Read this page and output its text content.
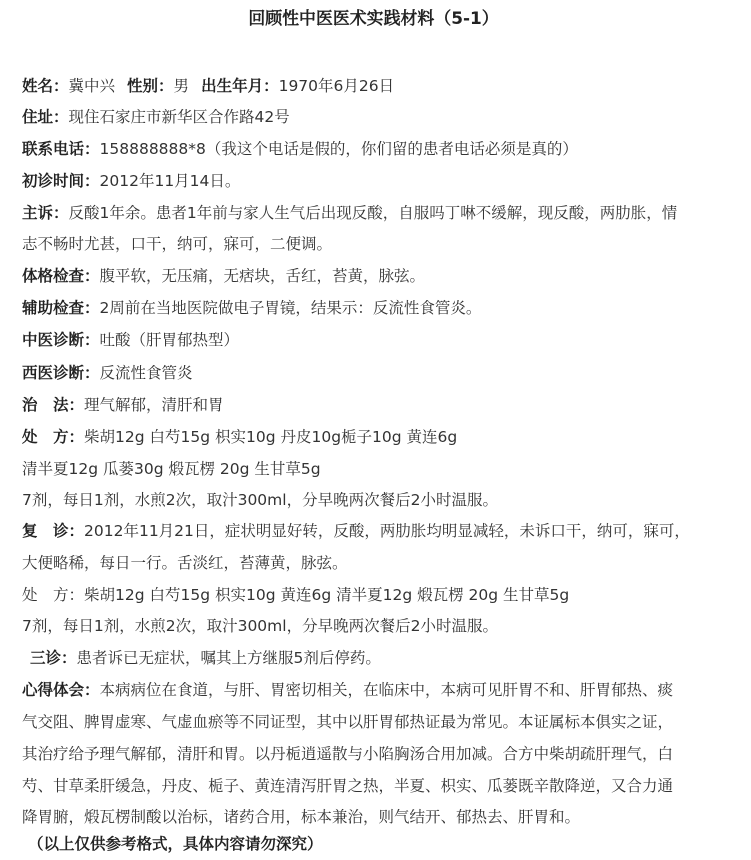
回顾性中医医术实践材料（5-1）
姓名：冀中兴 性别：男 出生年月：1970年6月26日
住址：现住石家庄市新华区合作路42号
联系电话：158888888*8（我这个电话是假的，你们留的患者电话必须是真的）
初诊时间：2012年11月14日。
主诉：反酸1年余。患者1年前与家人生气后出现反酸，自服吗丁啉不缓解，现反酸，两肋胀，情
志不畅时尤甚，口干，纳可，寐可，二便调。
体格检查：腹平软，无压痛，无痞块，舌红，苔黄，脉弦。
辅助检查：2周前在当地医院做电子胃镜，结果示：反流性食管炎。
中医诊断：吐酸（肝胃郁热型）
西医诊断：反流性食管炎
治　法：理气解郁，清肝和胃
处　方：柴胡12g 白芍15g 枳实10g 丹皮10g栀子10g 黄连6g
清半夏12g 瓜蒌30g 煅瓦楞 20g 生甘草5g
7剂，每日1剂，水煎2次，取汁300ml，分早晚两次餐后2小时温服。
复　诊：2012年11月21日，症状明显好转，反酸，两肋胀均明显减轻，未诉口干，纳可，寐可，
大便略稀，每日一行。舌淡红，苔薄黄，脉弦。
处　方：柴胡12g 白芍15g 枳实10g 黄连6g 清半夏12g 煅瓦楞 20g 生甘草5g
7剂，每日1剂，水煎2次，取汁300ml，分早晚两次餐后2小时温服。
三诊：患者诉已无症状，嘱其上方继服5剂后停药。
心得体会：本病病位在食道，与肝、胃密切相关，在临床中，本病可见肝胃不和、肝胃郁热、痰
气交阻、脾胃虚寒、气虚血瘀等不同证型，其中以肝胃郁热证最为常见。本证属标本俱实之证，
其治疗给予理气解郁，清肝和胃。以丹栀逍遥散与小陷胸汤合用加减。合方中柴胡疏肝理气，白
芍、甘草柔肝缓急，丹皮、栀子、黄连清泻肝胃之热，半夏、枳实、瓜蒌既辛散降逆，又合力通
降胃腑，煅瓦楞制酸以治标，诸药合用，标本兼治，则气结开、郁热去、肝胃和。
（以上仅供参考格式，具体内容请勿深究）
